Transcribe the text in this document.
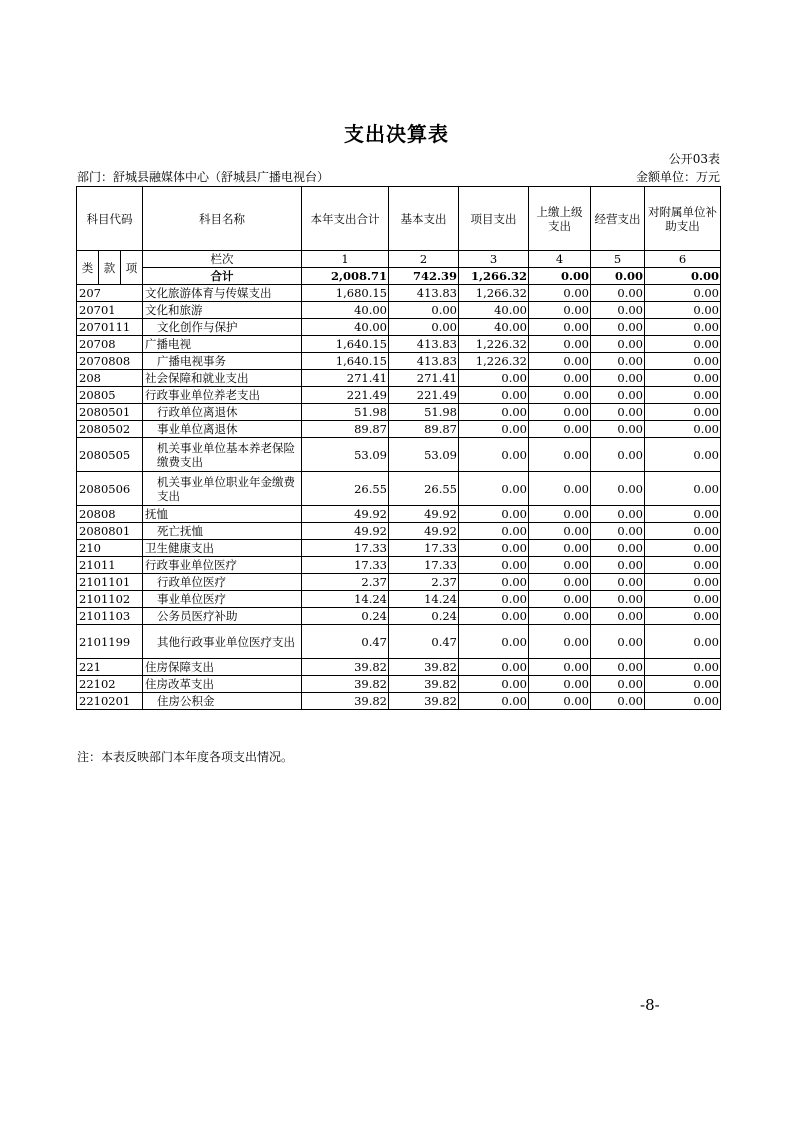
支出决算表
公开03表
部门：舒城县融媒体中心（舒城县广播电视台）	金额单位：万元
科目代码			科目名称	本年支出合计	基本支出	项目支出	上缴上级支出	经营支出	对附属单位补助支出
类	款	项	栏次	1	2	3	4	5	6
			合计	2,008.71	742.39	1,266.32	0.00	0.00	0.00
207			文化旅游体育与传媒支出	1,680.15	413.83	1,266.32	0.00	0.00	0.00
20701			文化和旅游	40.00	0.00	40.00	0.00	0.00	0.00
2070111			文化创作与保护	40.00	0.00	40.00	0.00	0.00	0.00
20708			广播电视	1,640.15	413.83	1,226.32	0.00	0.00	0.00
2070808			广播电视事务	1,640.15	413.83	1,226.32	0.00	0.00	0.00
208			社会保障和就业支出	271.41	271.41	0.00	0.00	0.00	0.00
20805			行政事业单位养老支出	221.49	221.49	0.00	0.00	0.00	0.00
2080501			行政单位离退休	51.98	51.98	0.00	0.00	0.00	0.00
2080502			事业单位离退休	89.87	89.87	0.00	0.00	0.00	0.00
2080505			机关事业单位基本养老保险缴费支出	53.09	53.09	0.00	0.00	0.00	0.00
2080506			机关事业单位职业年金缴费支出	26.55	26.55	0.00	0.00	0.00	0.00
20808			抚恤	49.92	49.92	0.00	0.00	0.00	0.00
2080801			死亡抚恤	49.92	49.92	0.00	0.00	0.00	0.00
210			卫生健康支出	17.33	17.33	0.00	0.00	0.00	0.00
21011			行政事业单位医疗	17.33	17.33	0.00	0.00	0.00	0.00
2101101			行政单位医疗	2.37	2.37	0.00	0.00	0.00	0.00
2101102			事业单位医疗	14.24	14.24	0.00	0.00	0.00	0.00
2101103			公务员医疗补助	0.24	0.24	0.00	0.00	0.00	0.00
2101199			其他行政事业单位医疗支出	0.47	0.47	0.00	0.00	0.00	0.00
221			住房保障支出	39.82	39.82	0.00	0.00	0.00	0.00
22102			住房改革支出	39.82	39.82	0.00	0.00	0.00	0.00
2210201			住房公积金	39.82	39.82	0.00	0.00	0.00	0.00
注：本表反映部门本年度各项支出情况。
-8-
